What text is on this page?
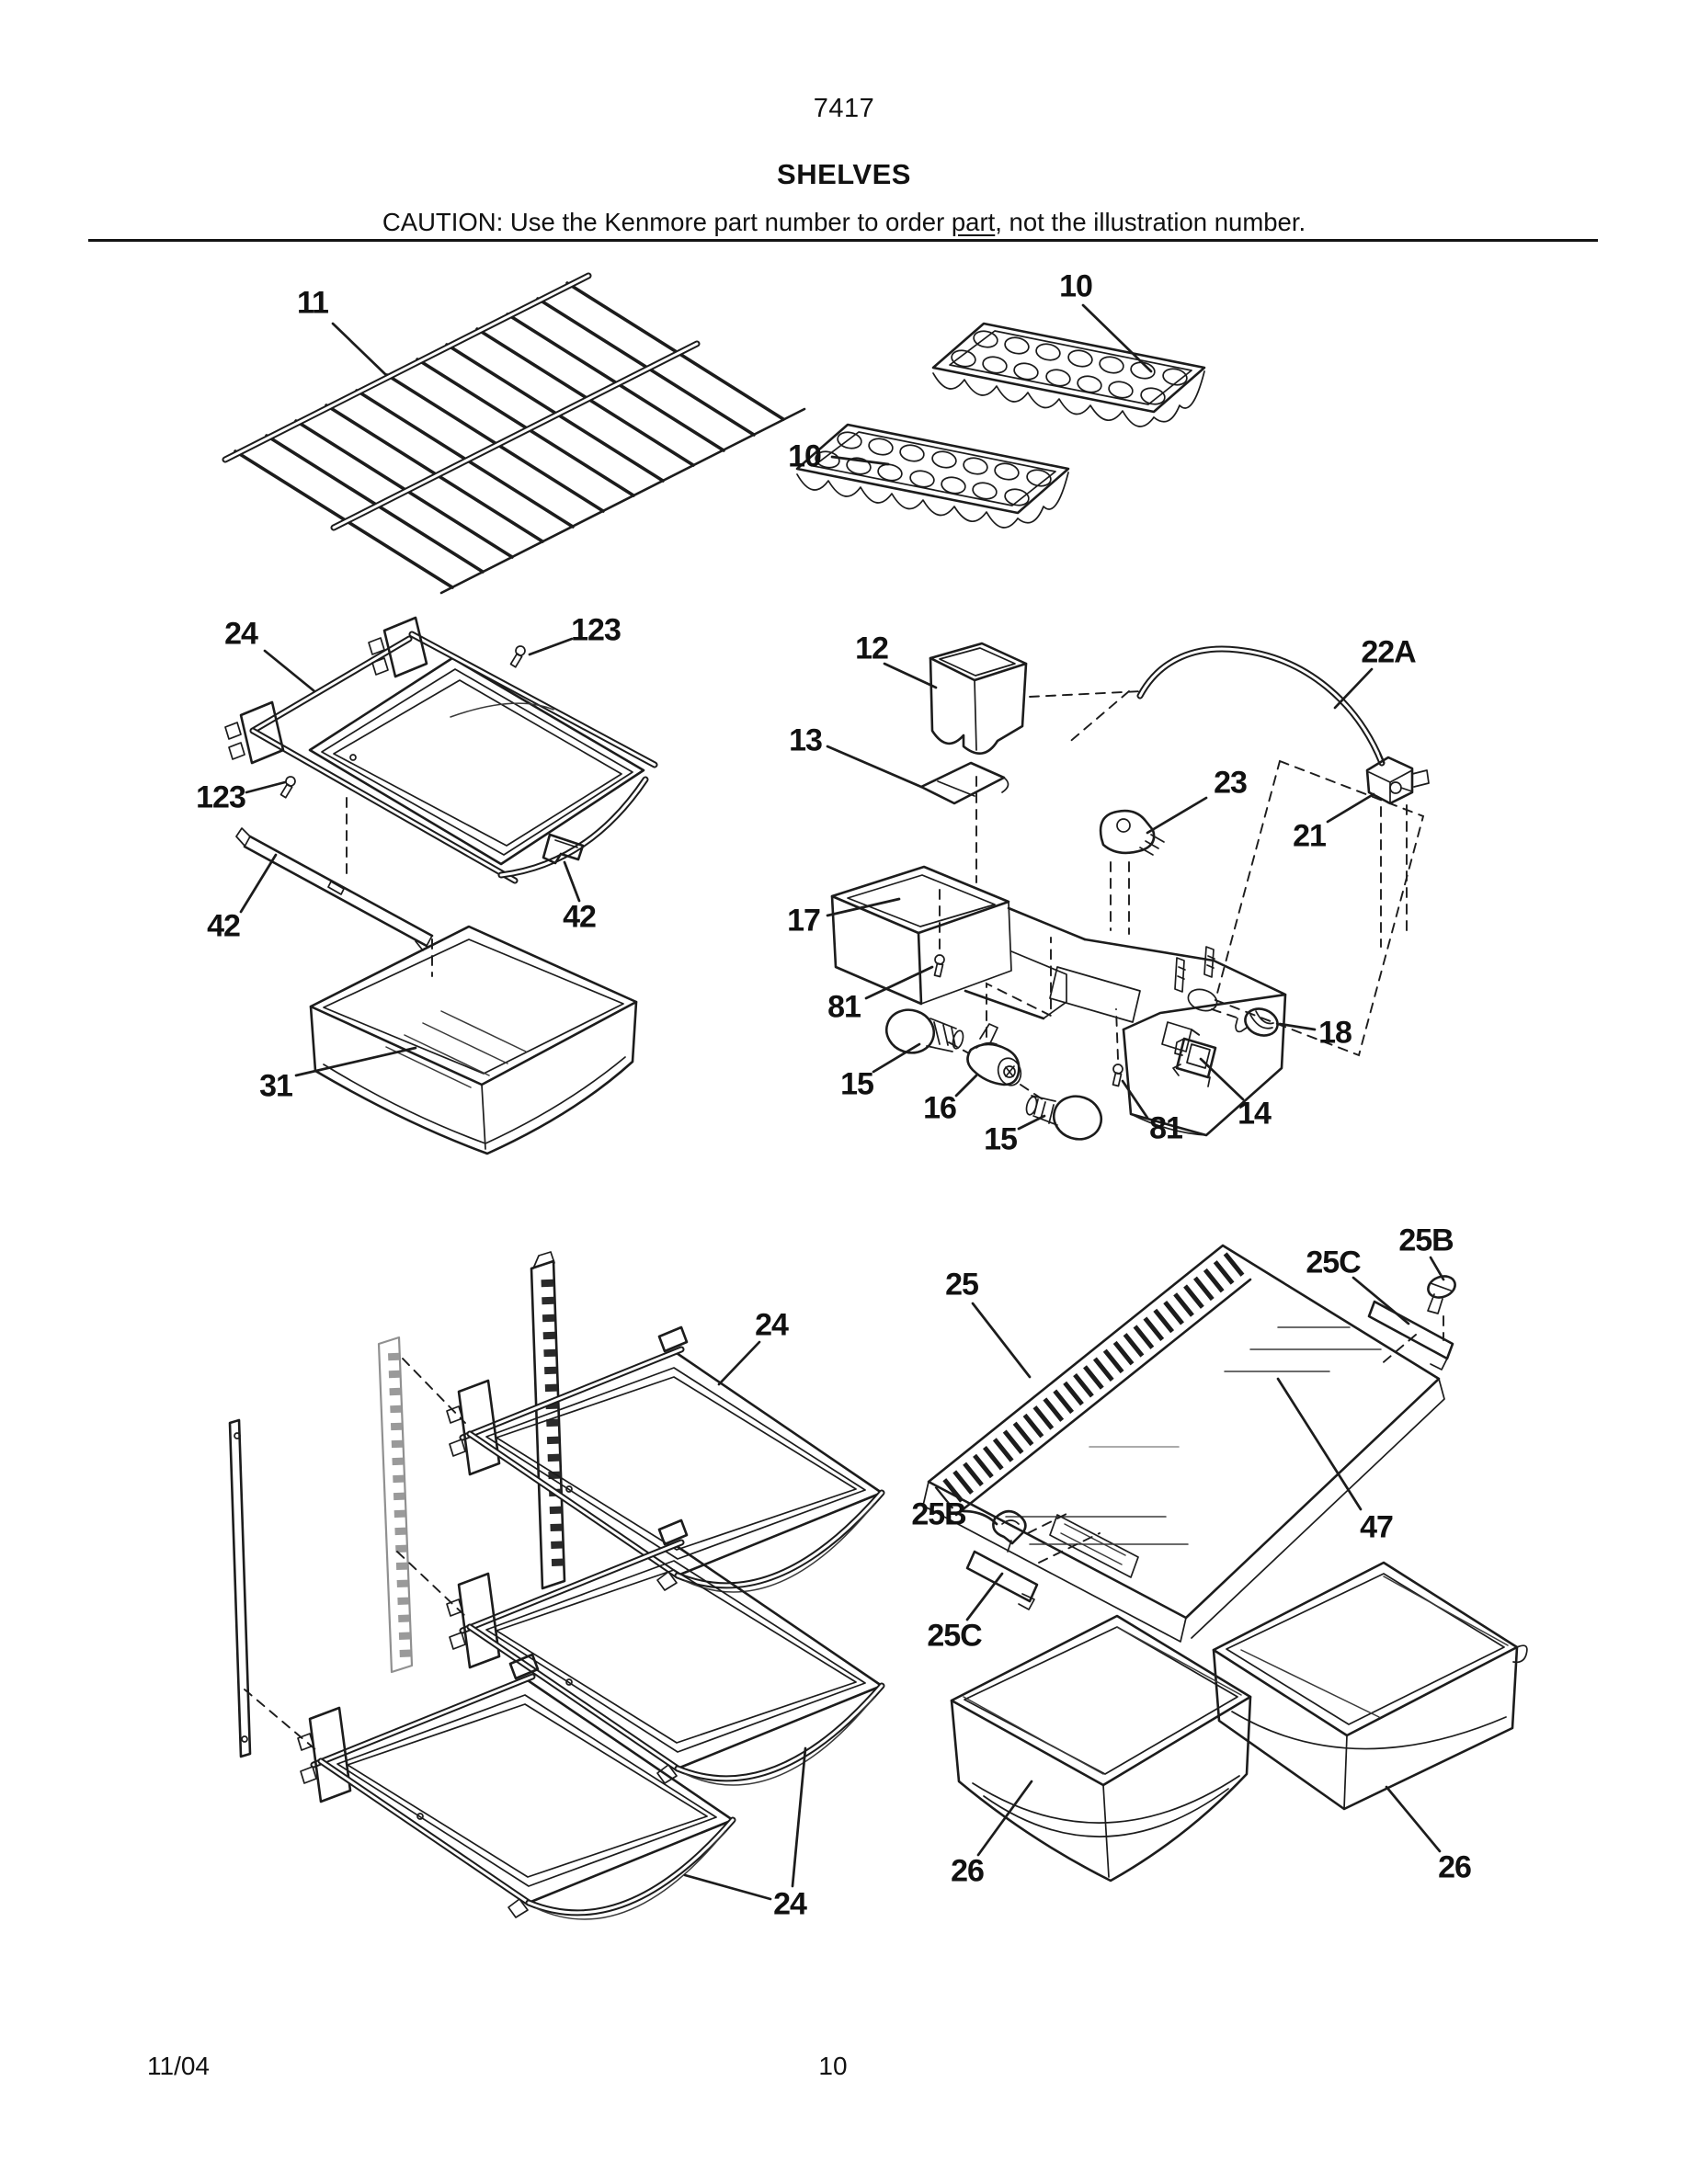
7417
SHELVES
CAUTION: Use the Kenmore part number to order part, not the illustration number.
11	10
10
24	123
123
42	42
31
12
13
22A
23
21
17
81
15
16
15	81 14
18
25
25C
25B
25B
25C
47
24
24
26	26
11/04	10
